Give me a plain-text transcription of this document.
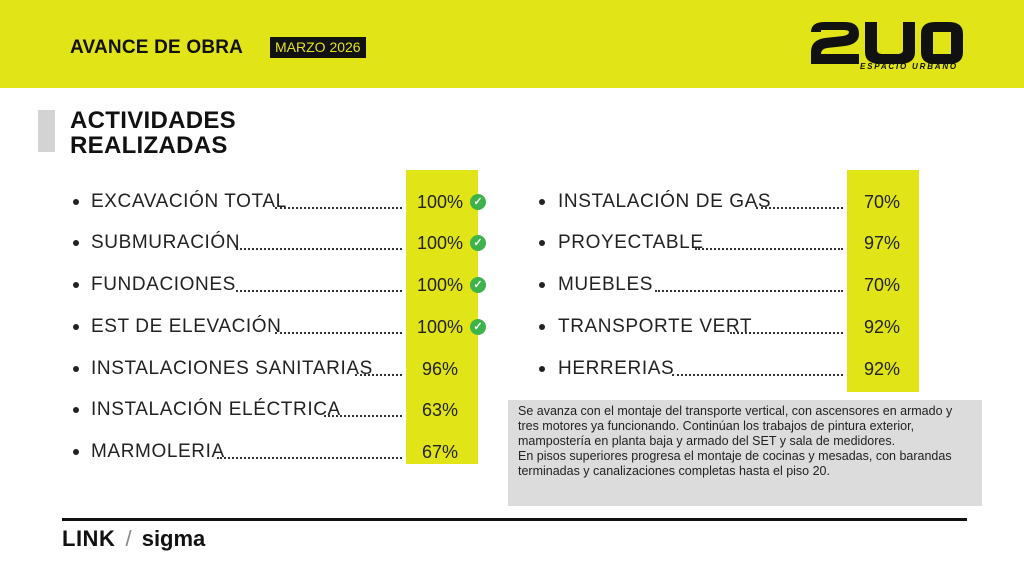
AVANCE DE OBRA	MARZO 2026
2UO
ESPACIO URBANO
ACTIVIDADES
REALIZADAS
EXCAVACIÓN TOTAL	100% ✓
SUBMURACIÓN	100% ✓
FUNDACIONES	100% ✓
EST DE ELEVACIÓN	100% ✓
INSTALACIONES SANITARIAS	96%
INSTALACIÓN ELÉCTRICA	63%
MARMOLERIA	67%
INSTALACIÓN DE GAS	70%
PROYECTABLE	97%
MUEBLES	70%
TRANSPORTE VERT	92%
HERRERIAS	92%

Se avanza con el montaje del transporte vertical, con ascensores en armado y tres motores ya funcionando. Continúan los trabajos de pintura exterior, mampostería en planta baja y armado del SET y sala de medidores.

En pisos superiores progresa el montaje de cocinas y mesadas, con barandas terminadas y canalizaciones completas hasta el piso 20.

LINK / sigma
